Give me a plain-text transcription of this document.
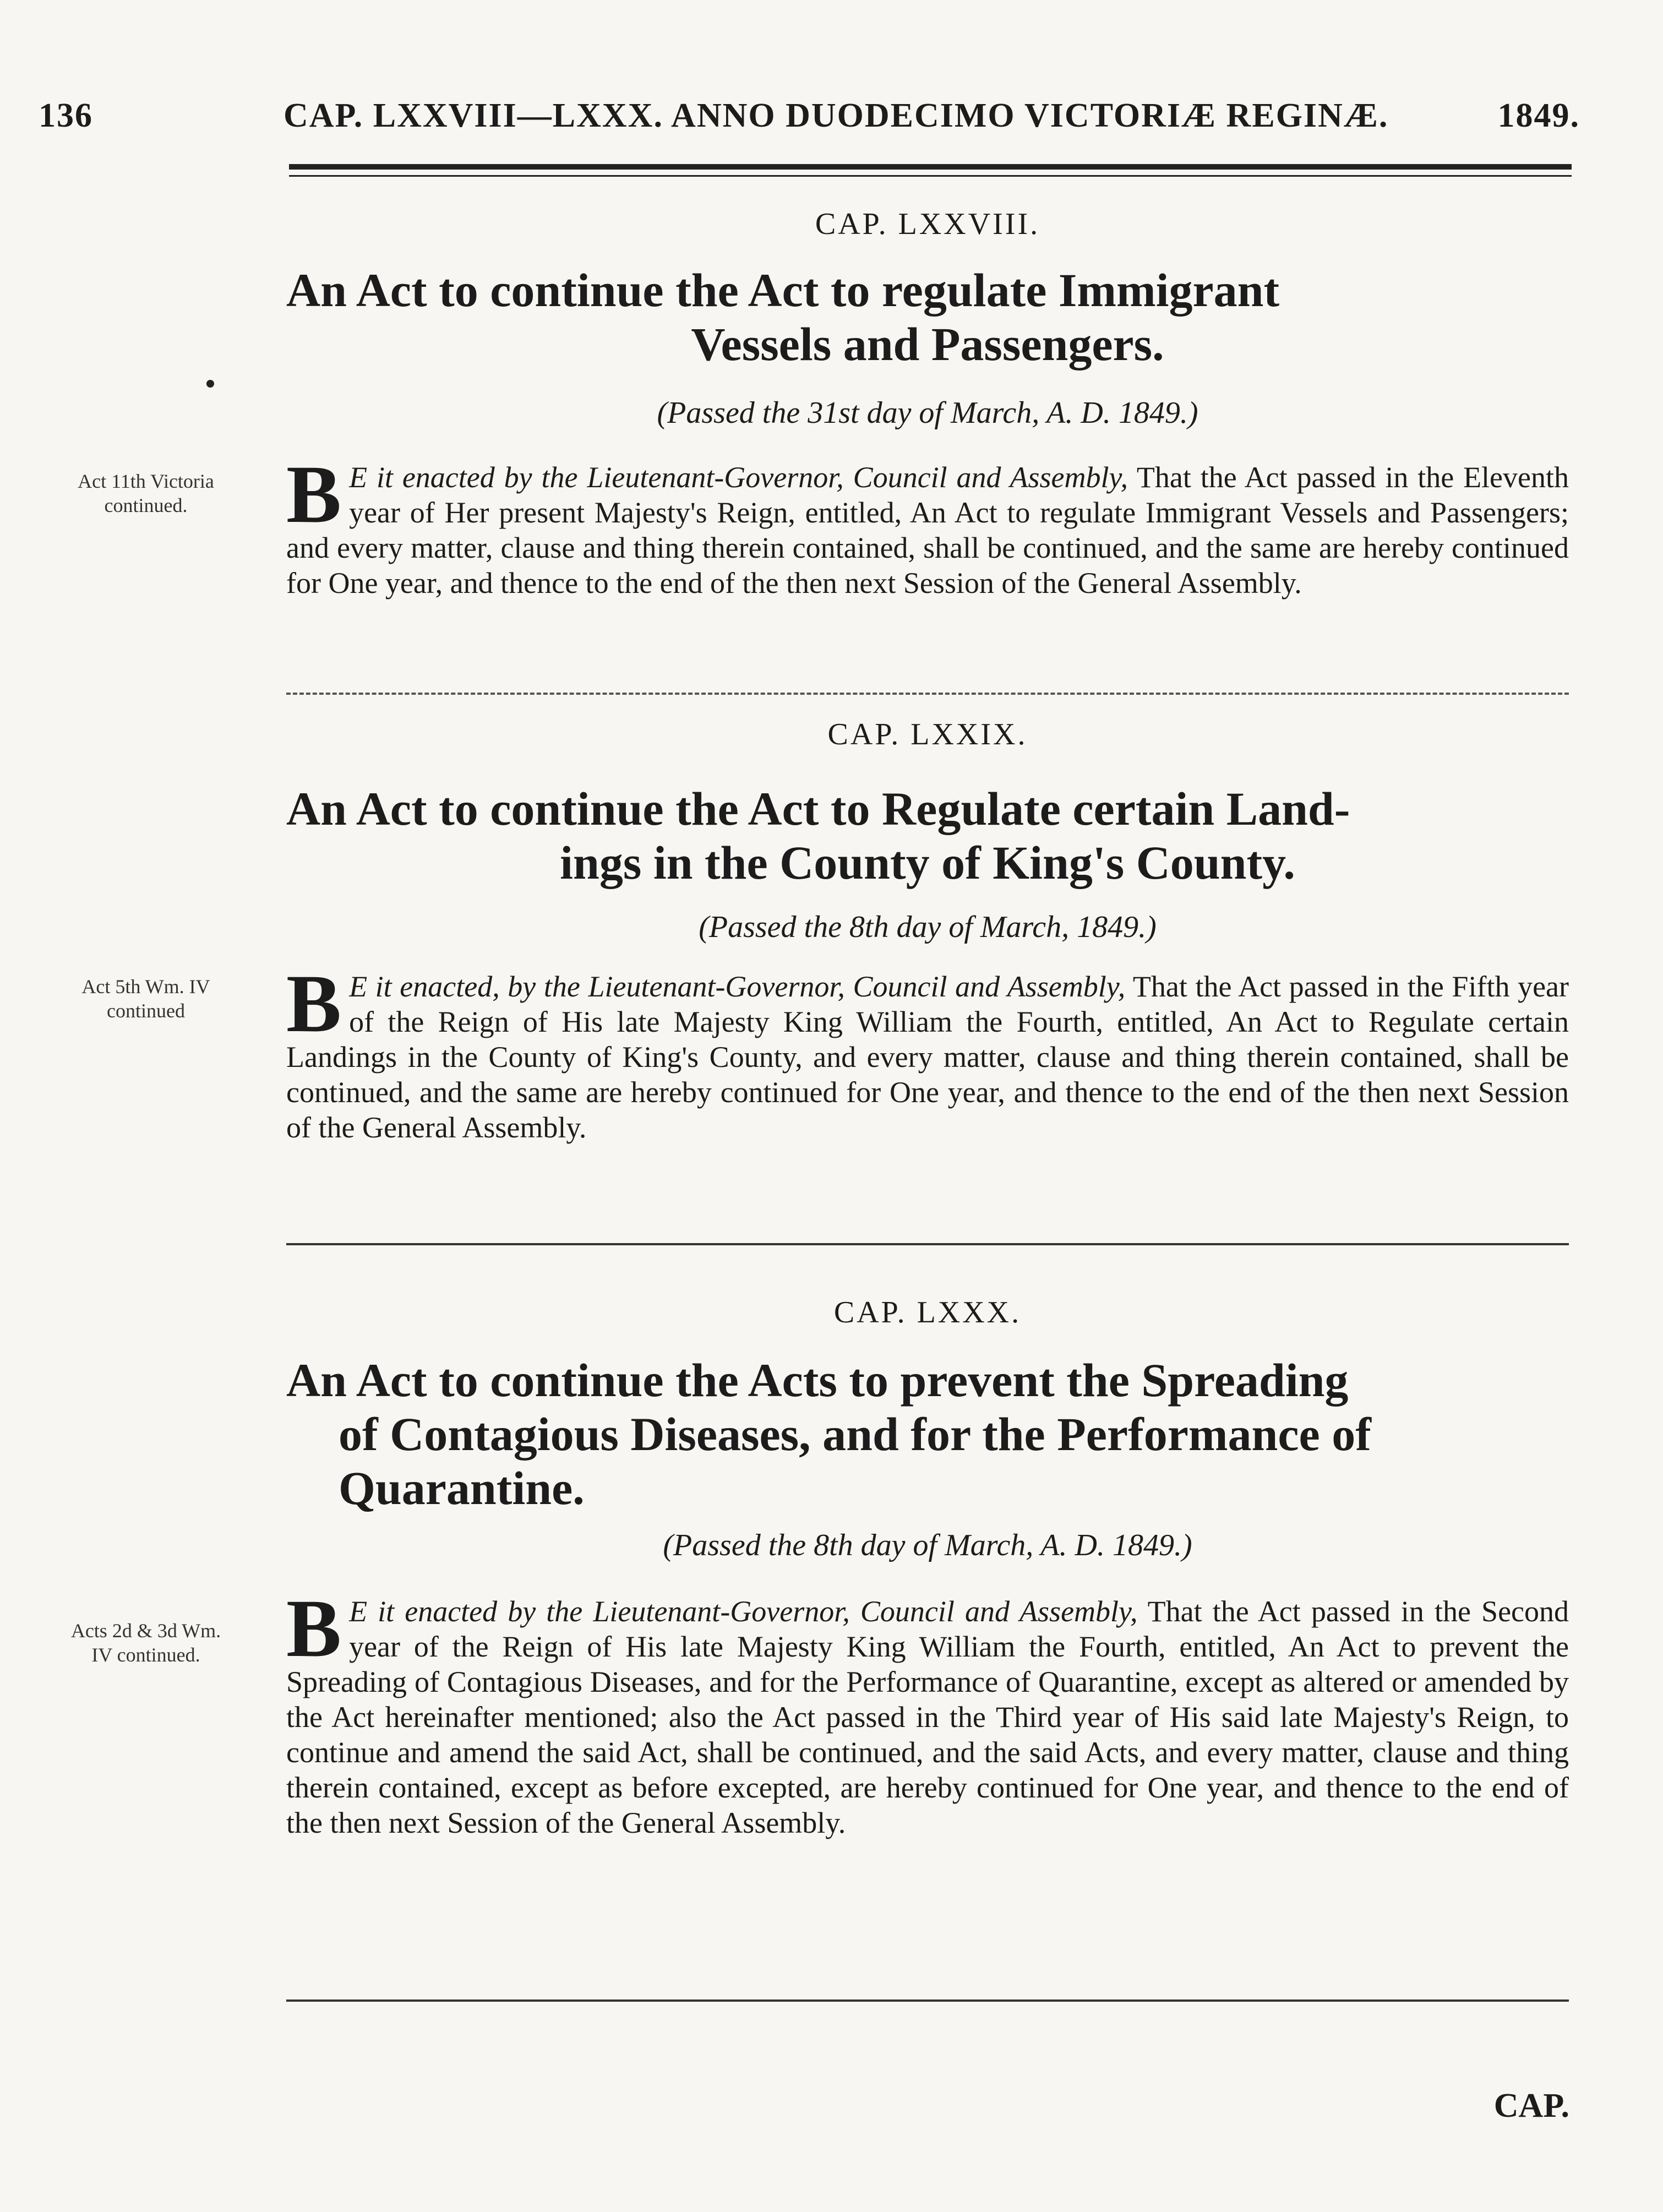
136	CAP. LXXVIII—LXXX. ANNO DUODECIMO VICTORIÆ REGINÆ.	1849.
CAP. LXXVIII.
An Act to continue the Act to regulate Immigrant
Vessels and Passengers.
(Passed the 31st day of March, A. D. 1849.)
Act 11th Victoria
continued.	B E it enacted by the Lieutenant-Governor, Council and Assembly, That the Act passed in the Eleventh year of Her present Majesty's Reign, entitled, An Act to regulate Immigrant Vessels and Passengers; and every matter, clause and thing therein contained, shall be continued, and the same are hereby continued for One year, and thence to the end of the then next Session of the General Assembly.

CAP. LXXIX.
An Act to continue the Act to Regulate certain Land-
ings in the County of King's County.
(Passed the 8th day of March, 1849.)
Act 5th Wm. IV
continued	B E it enacted, by the Lieutenant-Governor, Council and Assembly, That the Act passed in the Fifth year of the Reign of His late Majesty King William the Fourth, entitled, An Act to Regulate certain Landings in the County of King's County, and every matter, clause and thing therein contained, shall be continued, and the same are hereby continued for One year, and thence to the end of the then next Session of the General Assembly.

CAP. LXXX.
An Act to continue the Acts to prevent the Spreading
of Contagious Diseases, and for the Performance of
Quarantine.
(Passed the 8th day of March, A. D. 1849.)
Acts 2d & 3d Wm.
IV continued.	B E it enacted by the Lieutenant-Governor, Council and Assembly, That the Act passed in the Second year of the Reign of His late Majesty King William the Fourth, entitled, An Act to prevent the Spreading of Contagious Diseases, and for the Performance of Quarantine, except as altered or amended by the Act hereinafter mentioned; also the Act passed in the Third year of His said late Majesty's Reign, to continue and amend the said Act, shall be continued, and the said Acts, and every matter, clause and thing therein contained, except as before excepted, are hereby continued for One year, and thence to the end of the then next Session of the General Assembly.

CAP.
